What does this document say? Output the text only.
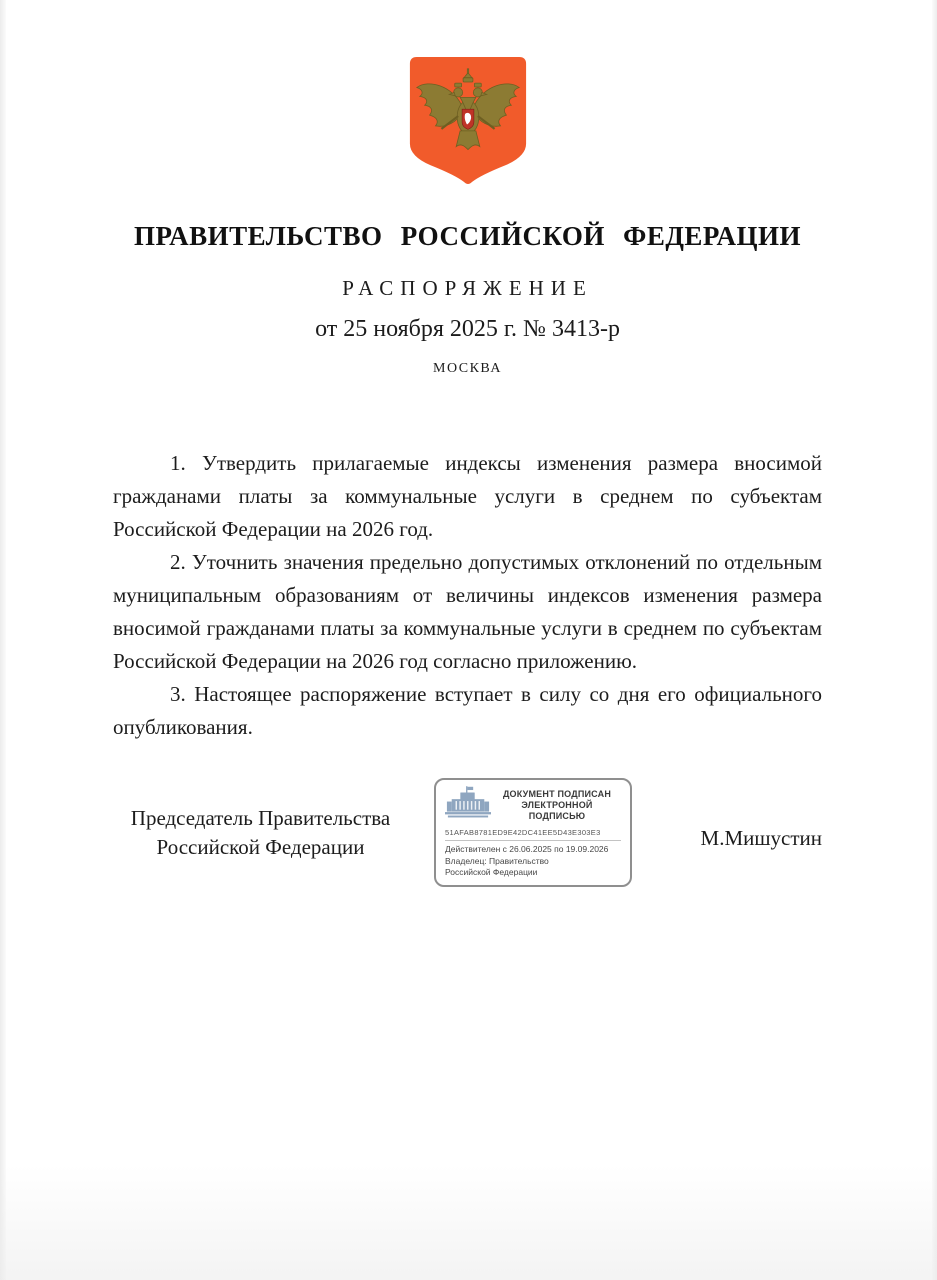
ПРАВИТЕЛЬСТВО РОССИЙСКОЙ ФЕДЕРАЦИИ
РАСПОРЯЖЕНИЕ
от 25 ноября 2025 г. № 3413-р
МОСКВА

1. Утвердить прилагаемые индексы изменения размера вносимой гражданами платы за коммунальные услуги в среднем по субъектам Российской Федерации на 2026 год.

2. Уточнить значения предельно допустимых отклонений по отдельным муниципальным образованиям от величины индексов изменения размера вносимой гражданами платы за коммунальные услуги в среднем по субъектам Российской Федерации на 2026 год согласно приложению.

3. Настоящее распоряжение вступает в силу со дня его официального опубликования.

Председатель Правительства
Российской Федерации
ДОКУМЕНТ ПОДПИСАН
ЭЛЕКТРОННОЙ ПОДПИСЬЮ
51AFAB8781ED9E42DC41EE5D43E303E3
Действителен с 26.06.2025 по 19.09.2026
Владелец: Правительство Российской Федерации
М.Мишустин
